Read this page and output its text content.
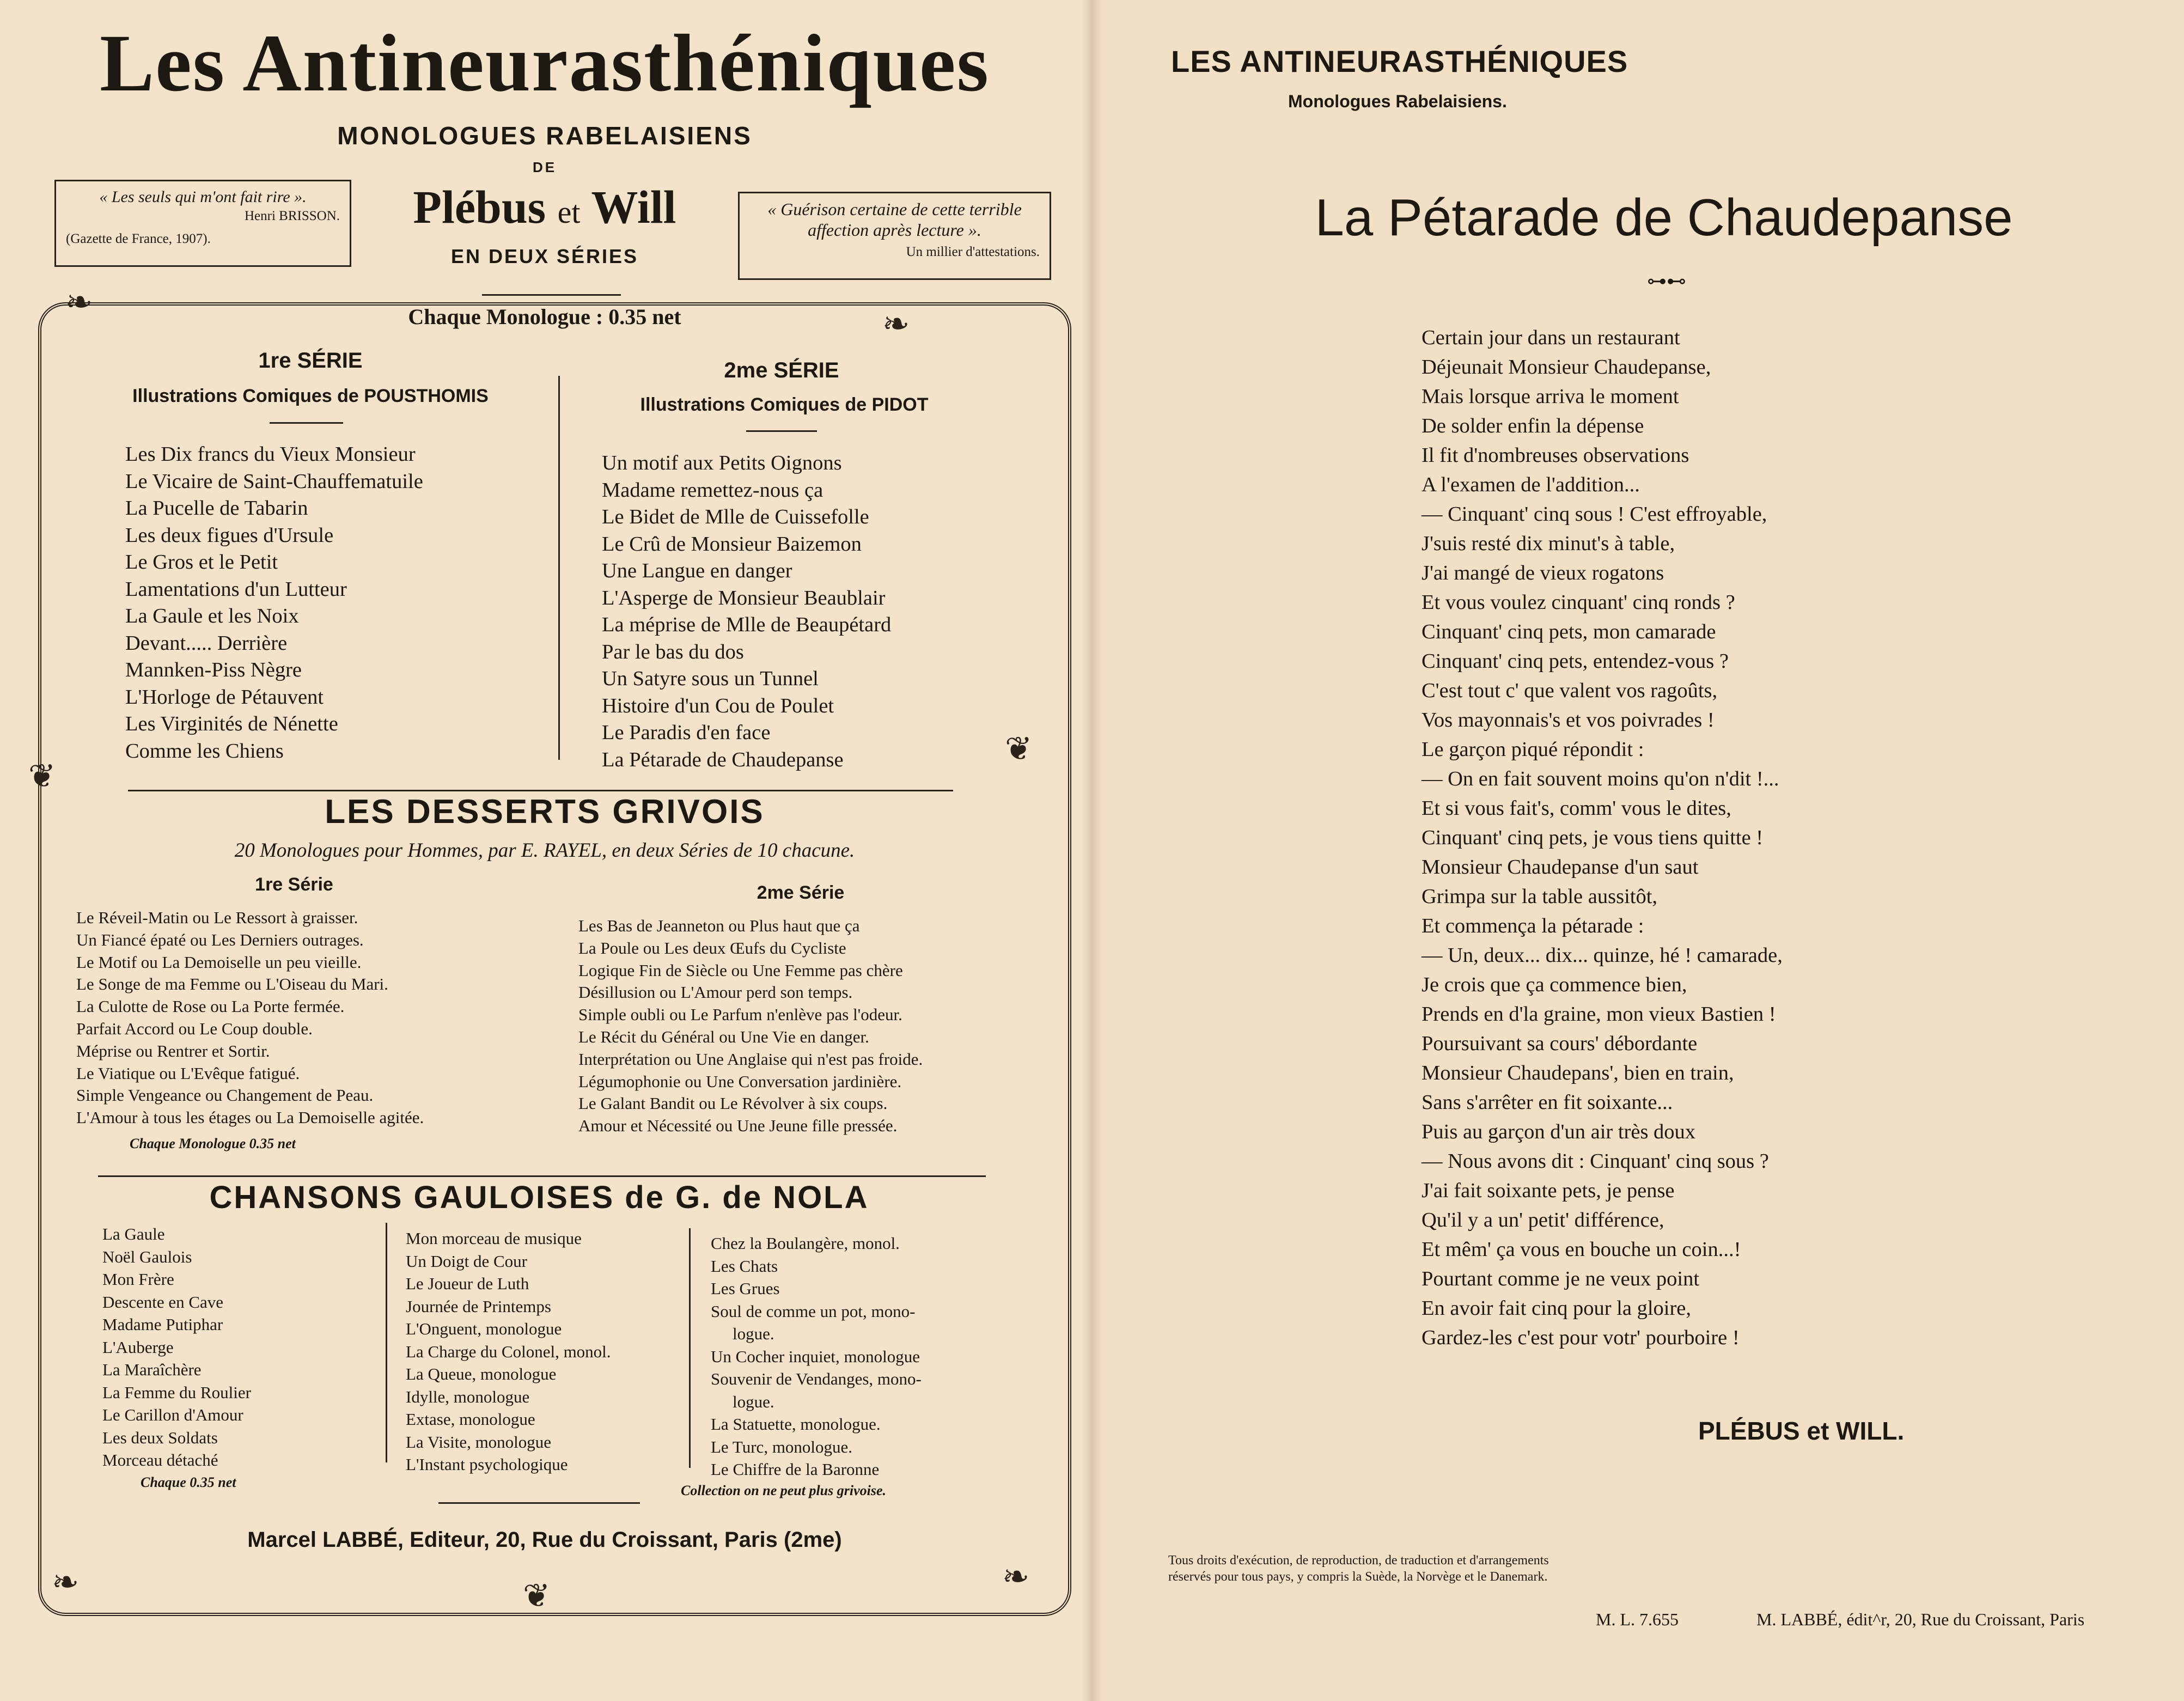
Les Antineurasthéniques
MONOLOGUES RABELAISIENS
DE
Plébus et Will
EN DEUX SÉRIES
« Les seuls qui m'ont fait rire ».
Henri BRISSON.
(Gazette de France, 1907).
« Guérison certaine de cette terrible affection après lecture ».
Un millier d'attestations.
Chaque Monologue : 0.35 net
❧
❧
❦
❦
❧	❧
❦
1re SÉRIE
Illustrations Comiques de POUSTHOMIS
Les Dix francs du Vieux Monsieur
Le Vicaire de Saint-Chauffematuile
La Pucelle de Tabarin
Les deux figues d'Ursule
Le Gros et le Petit
Lamentations d'un Lutteur
La Gaule et les Noix
Devant..... Derrière
Mannken-Piss Nègre
L'Horloge de Pétauvent
Les Virginités de Nénette
Comme les Chiens
2me SÉRIE
Illustrations Comiques de PIDOT
Un motif aux Petits Oignons
Madame remettez-nous ça
Le Bidet de Mlle de Cuissefolle
Le Crû de Monsieur Baizemon
Une Langue en danger
L'Asperge de Monsieur Beaublair
La méprise de Mlle de Beaupétard
Par le bas du dos
Un Satyre sous un Tunnel
Histoire d'un Cou de Poulet
Le Paradis d'en face
La Pétarade de Chaudepanse
LES DESSERTS GRIVOIS
20 Monologues pour Hommes, par E. RAYEL, en deux Séries de 10 chacune.
1re Série	2me Série
Le Réveil-Matin ou Le Ressort à graisser.
Un Fiancé épaté ou Les Derniers outrages.
Le Motif ou La Demoiselle un peu vieille.
Le Songe de ma Femme ou L'Oiseau du Mari.
La Culotte de Rose ou La Porte fermée.
Parfait Accord ou Le Coup double.
Méprise ou Rentrer et Sortir.
Le Viatique ou L'Evêque fatigué.
Simple Vengeance ou Changement de Peau.
L'Amour à tous les étages ou La Demoiselle agitée.
Les Bas de Jeanneton ou Plus haut que ça
La Poule ou Les deux Œufs du Cycliste
Logique Fin de Siècle ou Une Femme pas chère
Désillusion ou L'Amour perd son temps.
Simple oubli ou Le Parfum n'enlève pas l'odeur.
Le Récit du Général ou Une Vie en danger.
Interprétation ou Une Anglaise qui n'est pas froide.
Légumophonie ou Une Conversation jardinière.
Le Galant Bandit ou Le Révolver à six coups.
Amour et Nécessité ou Une Jeune fille pressée.
Chaque Monologue 0.35 net
CHANSONS GAULOISES de G. de NOLA
La Gaule
Noël Gaulois
Mon Frère
Descente en Cave
Madame Putiphar
L'Auberge
La Maraîchère
La Femme du Roulier
Le Carillon d'Amour
Les deux Soldats
Morceau détaché
Mon morceau de musique
Un Doigt de Cour
Le Joueur de Luth
Journée de Printemps
L'Onguent, monologue
La Charge du Colonel, monol.
La Queue, monologue
Idylle, monologue
Extase, monologue
La Visite, monologue
L'Instant psychologique
Chez la Boulangère, monol.
Les Chats
Les Grues
Soul de comme un pot, mono-
logue.
Un Cocher inquiet, monologue
Souvenir de Vendanges, mono-
logue.
La Statuette, monologue.
Le Turc, monologue.
Le Chiffre de la Baronne
Chaque 0.35 net
Collection on ne peut plus grivoise.
Marcel LABBÉ, Editeur, 20, Rue du Croissant, Paris (2me)
LES ANTINEURASTHÉNIQUES
Monologues Rabelaisiens.
La Pétarade de Chaudepanse
⊶⊷
Certain jour dans un restaurant
Déjeunait Monsieur Chaudepanse,
Mais lorsque arriva le moment
De solder enfin la dépense
Il fit d'nombreuses observations
A l'examen de l'addition...
— Cinquant' cinq sous ! C'est effroyable,
J'suis resté dix minut's à table,
J'ai mangé de vieux rogatons
Et vous voulez cinquant' cinq ronds ?
Cinquant' cinq pets, mon camarade
Cinquant' cinq pets, entendez-vous ?
C'est tout c' que valent vos ragoûts,
Vos mayonnais's et vos poivrades !
Le garçon piqué répondit :
— On en fait souvent moins qu'on n'dit !...
Et si vous fait's, comm' vous le dites,
Cinquant' cinq pets, je vous tiens quitte !
Monsieur Chaudepanse d'un saut
Grimpa sur la table aussitôt,
Et commença la pétarade :
— Un, deux... dix... quinze, hé ! camarade,
Je crois que ça commence bien,
Prends en d'la graine, mon vieux Bastien !
Poursuivant sa cours' débordante
Monsieur Chaudepans', bien en train,
Sans s'arrêter en fit soixante...
Puis au garçon d'un air très doux
— Nous avons dit : Cinquant' cinq sous ?
J'ai fait soixante pets, je pense
Qu'il y a un' petit' différence,
Et mêm' ça vous en bouche un coin...!
Pourtant comme je ne veux point
En avoir fait cinq pour la gloire,
Gardez-les c'est pour votr' pourboire !
PLÉBUS et WILL.
Tous droits d'exécution, de reproduction, de traduction et d'arrangements réservés pour tous pays, y compris la Suède, la Norvège et le Danemark.
M. L. 7.655	M. LABBÉ, édit^r, 20, Rue du Croissant, Paris
